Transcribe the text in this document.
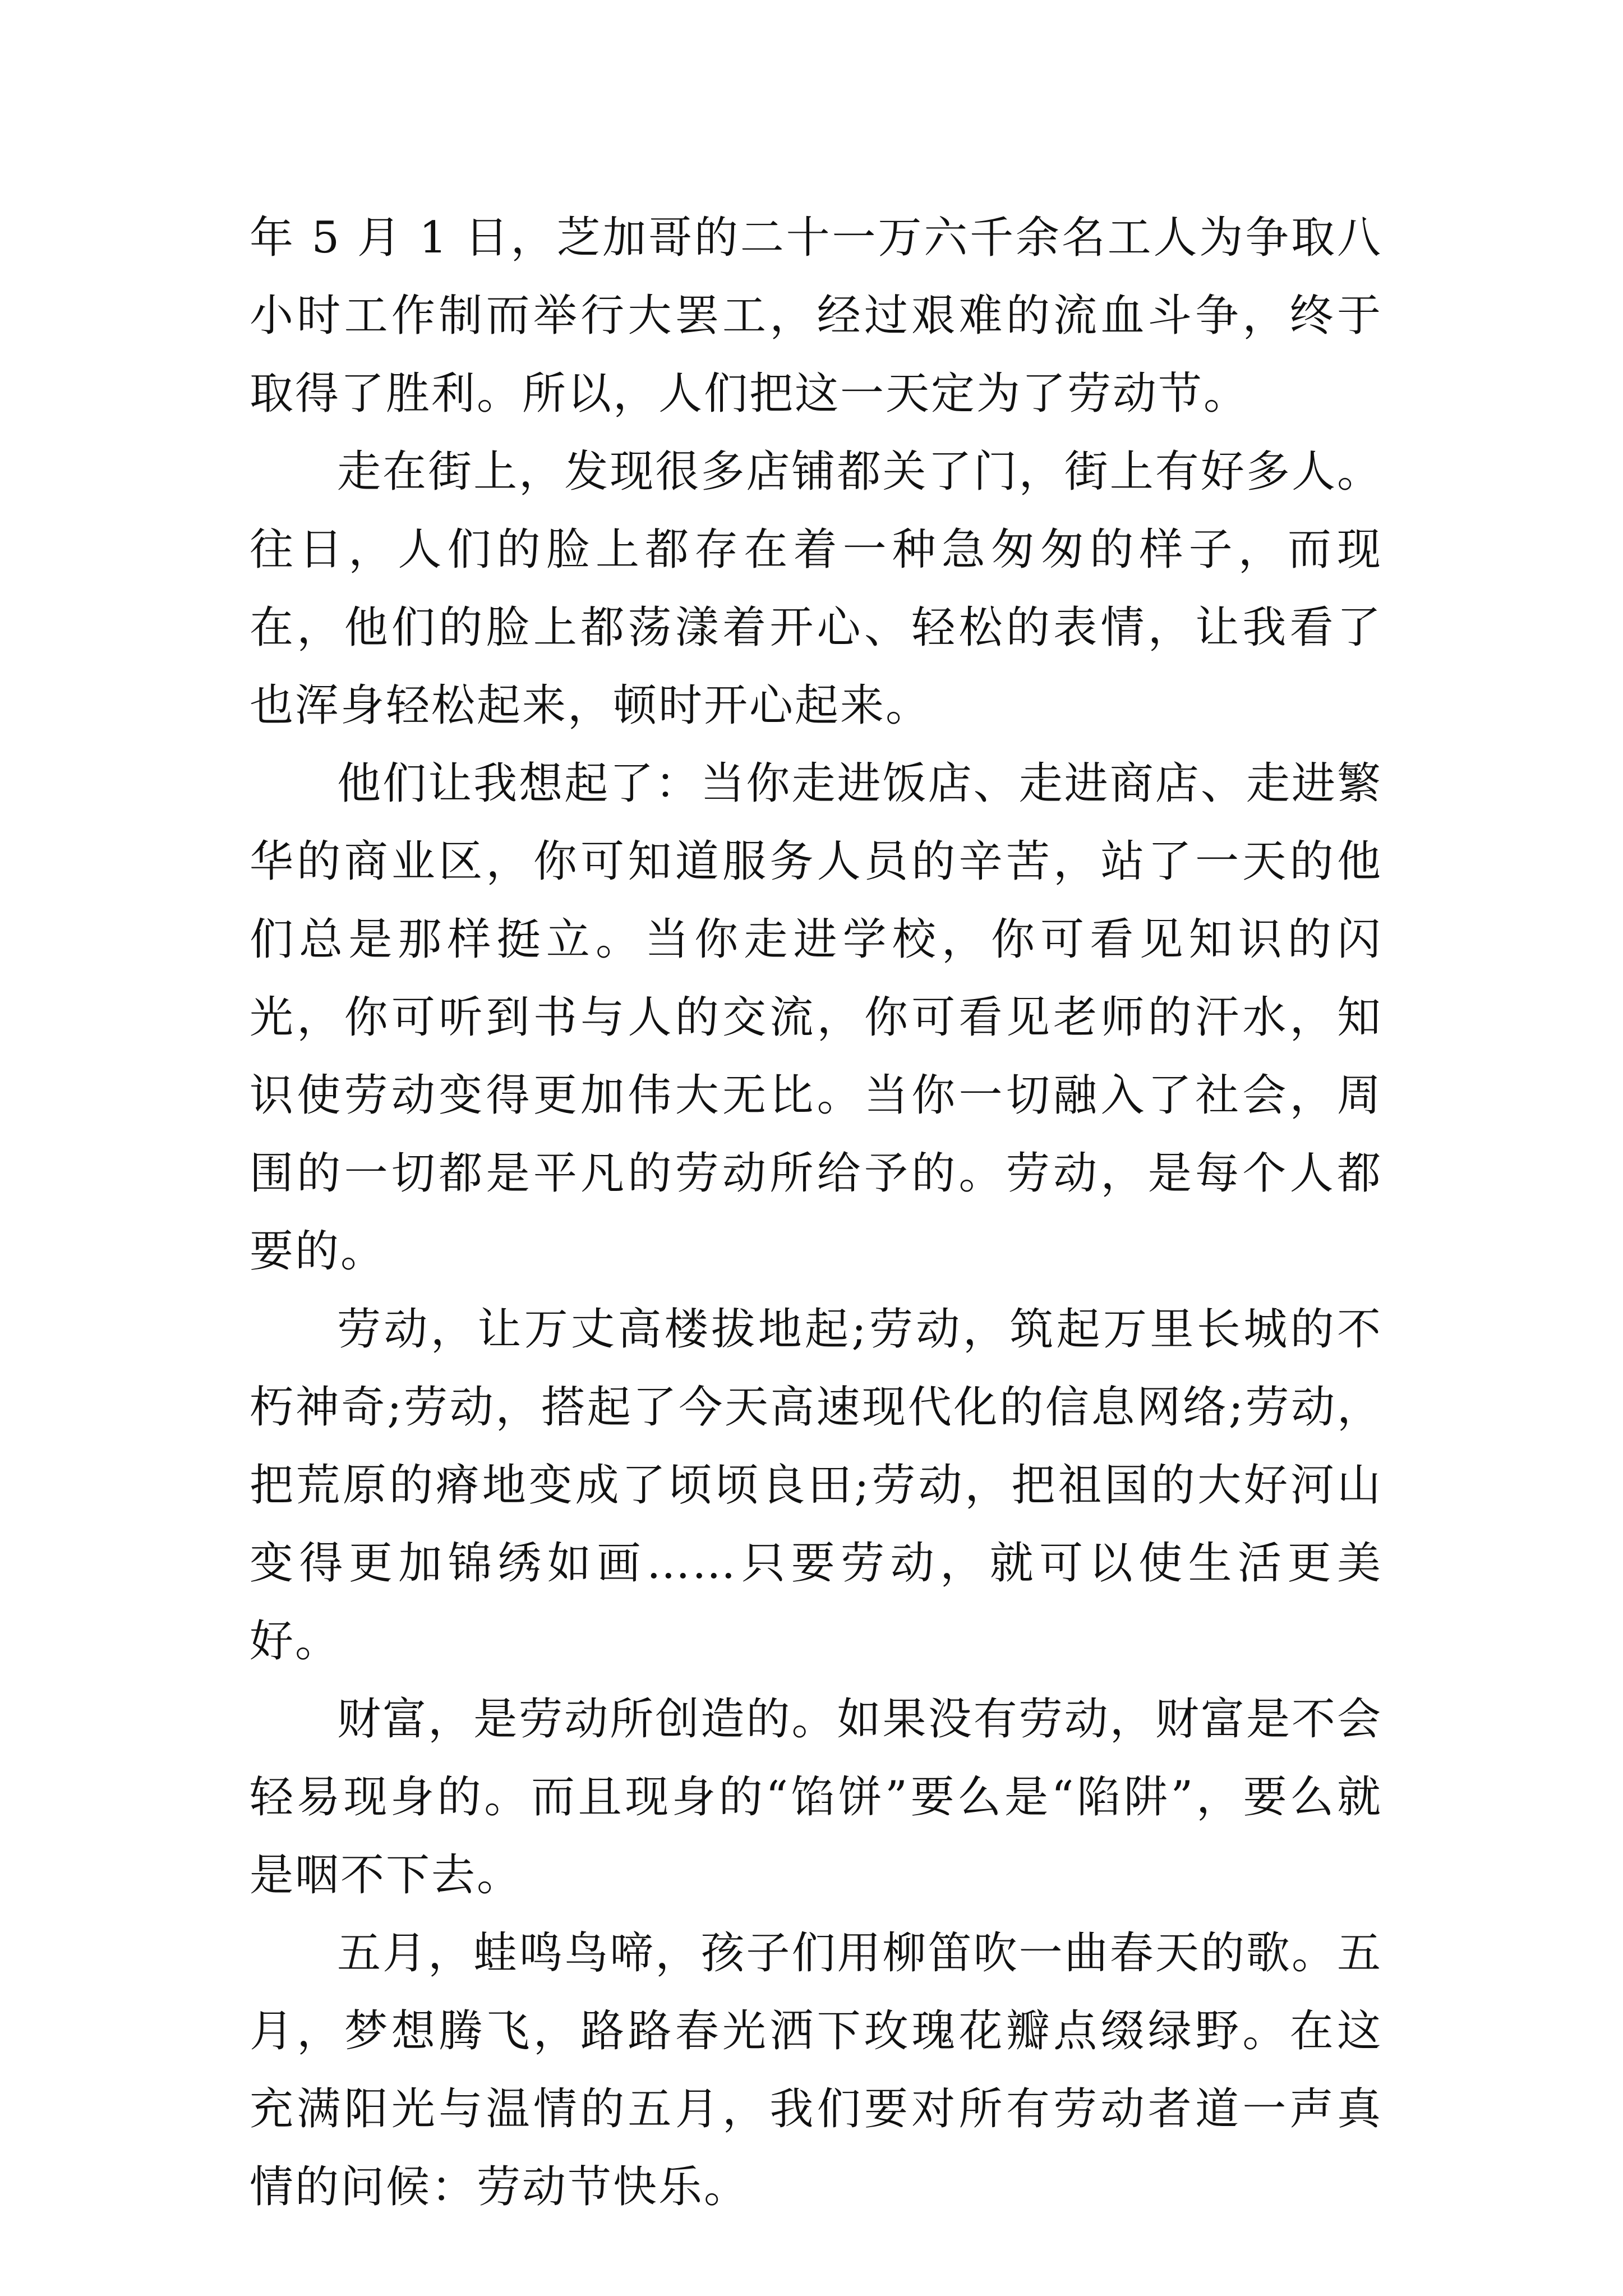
年 5 月 1 日，芝加哥的二十一万六千余名工人为争取八小时工作制而举行大罢工，经过艰难的流血斗争，终于取得了胜利。所以，人们把这一天定为了劳动节。

走在街上，发现很多店铺都关了门，街上有好多人。往日，人们的脸上都存在着一种急匆匆的样子，而现在，他们的脸上都荡漾着开心、轻松的表情，让我看了也浑身轻松起来，顿时开心起来。

他们让我想起了：当你走进饭店、走进商店、走进繁华的商业区，你可知道服务人员的辛苦，站了一天的他们总是那样挺立。当你走进学校，你可看见知识的闪光，你可听到书与人的交流，你可看见老师的汗水，知识使劳动变得更加伟大无比。当你一切融入了社会，周围的一切都是平凡的劳动所给予的。劳动，是每个人都要的。

劳动，让万丈高楼拔地起;劳动，筑起万里长城的不朽神奇;劳动，搭起了今天高速现代化的信息网络;劳动，把荒原的瘠地变成了顷顷良田;劳动，把祖国的大好河山变得更加锦绣如画……只要劳动，就可以使生活更美好。

财富，是劳动所创造的。如果没有劳动，财富是不会轻易现身的。而且现身的“馅饼”要么是“陷阱”，要么就是咽不下去。

五月，蛙鸣鸟啼，孩子们用柳笛吹一曲春天的歌。五月，梦想腾飞，路路春光洒下玫瑰花瓣点缀绿野。在这充满阳光与温情的五月，我们要对所有劳动者道一声真情的问候：劳动节快乐。
